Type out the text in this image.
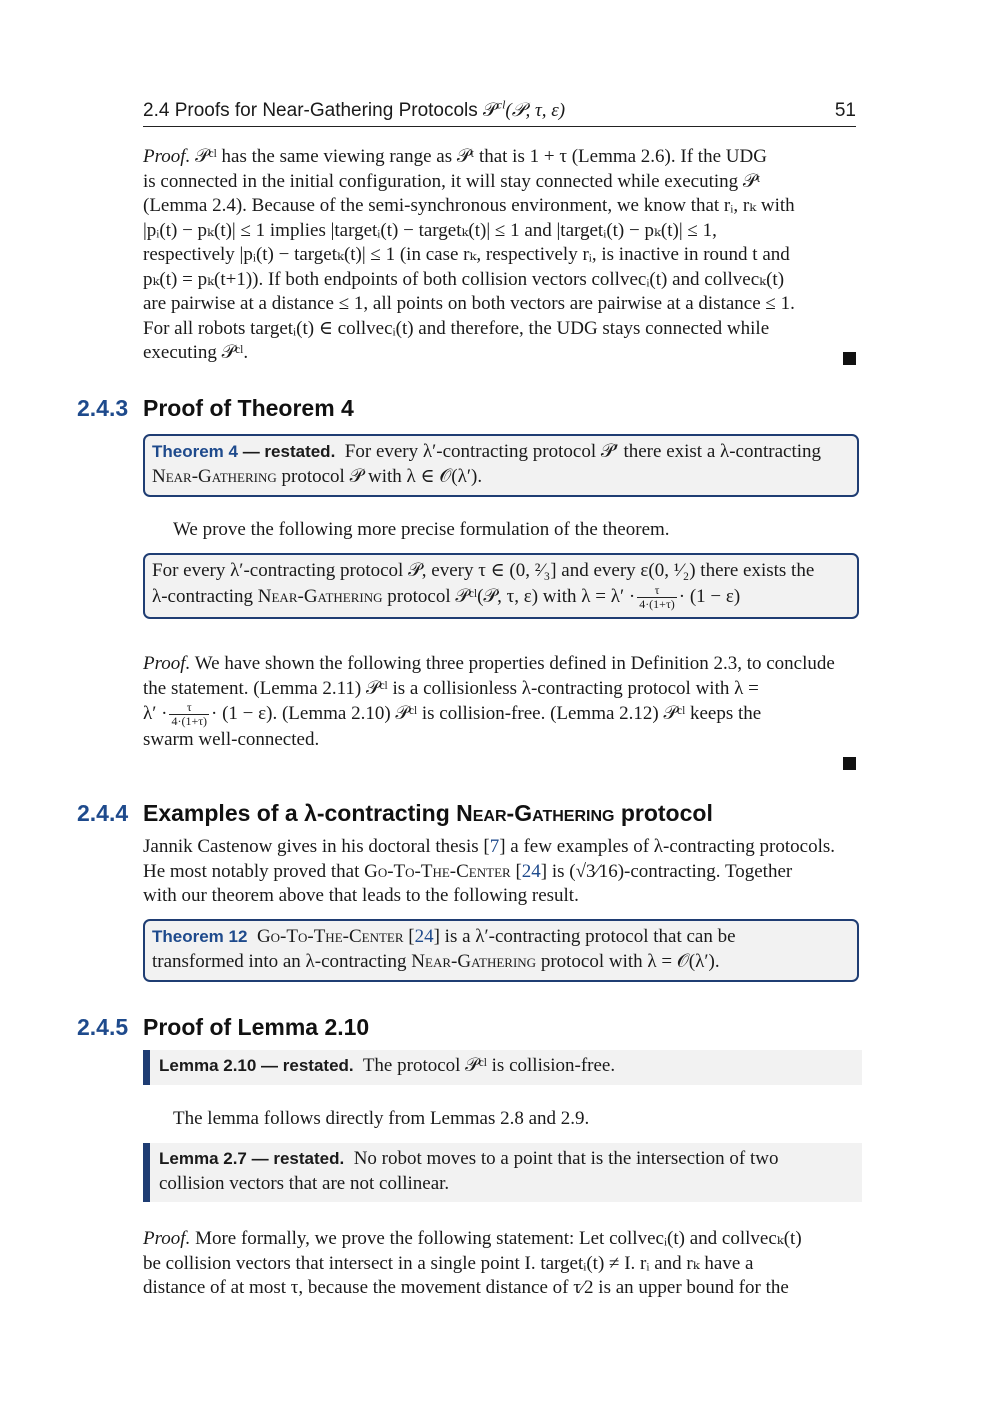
2.4 Proofs for Near-Gathering Protocols 𝒫$^{cl}$(𝒫, τ, ε)	51
Proof. 𝒫ᶜˡ has the same viewing range as 𝒫ᵗ that is 1 + τ (Lemma 2.6). If the UDG
is connected in the initial configuration, it will stay connected while executing 𝒫ᵗ
(Lemma 2.4). Because of the semi-synchronous environment, we know that rᵢ, rₖ with
|pᵢ(t) − pₖ(t)| ≤ 1 implies |targetᵢ(t) − targetₖ(t)| ≤ 1 and |targetᵢ(t) − pₖ(t)| ≤ 1,
respectively |pᵢ(t) − targetₖ(t)| ≤ 1 (in case rₖ, respectively rᵢ, is inactive in round t and
pₖ(t) = pₖ(t+1)). If both endpoints of both collision vectors collvecᵢ(t) and collvecₖ(t)
are pairwise at a distance ≤ 1, all points on both vectors are pairwise at a distance ≤ 1.
For all robots targetᵢ(t) ∈ collvecᵢ(t) and therefore, the UDG stays connected while
executing 𝒫ᶜˡ.
2.4.3 Proof of Theorem 4
Theorem 4 — restated. For every λ′-contracting protocol 𝒫′ there exist a λ-contracting
Near-Gathering protocol 𝒫 with λ ∈ 𝒪(λ′).
We prove the following more precise formulation of the theorem.
For every λ′-contracting protocol 𝒫, every τ ∈ (0, ²⁄₃] and every ε(0, ¹⁄₂) there exists the
λ-contracting Near-Gathering protocol 𝒫ᶜˡ(𝒫, τ, ε) with $\lambda = \lambda' \cdot \frac{\tau}{4\cdot(1+\tau)} \cdot (1 - \varepsilon)$
Proof. We have shown the following three properties defined in Definition 2.3, to conclude
the statement. (Lemma 2.11) 𝒫ᶜˡ is a collisionless λ-contracting protocol with λ =
$\lambda' \cdot \frac{\tau}{4\cdot(1+\tau)} \cdot (1 - \varepsilon)$. (Lemma 2.10) 𝒫ᶜˡ is collision-free. (Lemma 2.12) 𝒫ᶜˡ keeps the
swarm well-connected.
2.4.4 Examples of a λ-contracting Near-Gathering protocol
Jannik Castenow gives in his doctoral thesis [7] a few examples of λ-contracting protocols.
He most notably proved that Go-To-The-Center [24] is (√3⁄16)-contracting. Together
with our theorem above that leads to the following result.
Theorem 12 Go-To-The-Center [24] is a λ′-contracting protocol that can be
transformed into an λ-contracting Near-Gathering protocol with λ = 𝒪(λ′).
2.4.5 Proof of Lemma 2.10
Lemma 2.10 — restated. The protocol 𝒫ᶜˡ is collision-free.
The lemma follows directly from Lemmas 2.8 and 2.9.
Lemma 2.7 — restated. No robot moves to a point that is the intersection of two
collision vectors that are not collinear.
Proof. More formally, we prove the following statement: Let collvecᵢ(t) and collvecₖ(t)
be collision vectors that intersect in a single point I. targetᵢ(t) ≠ I. rᵢ and rₖ have a
distance of at most τ, because the movement distance of τ⁄2 is an upper bound for the
